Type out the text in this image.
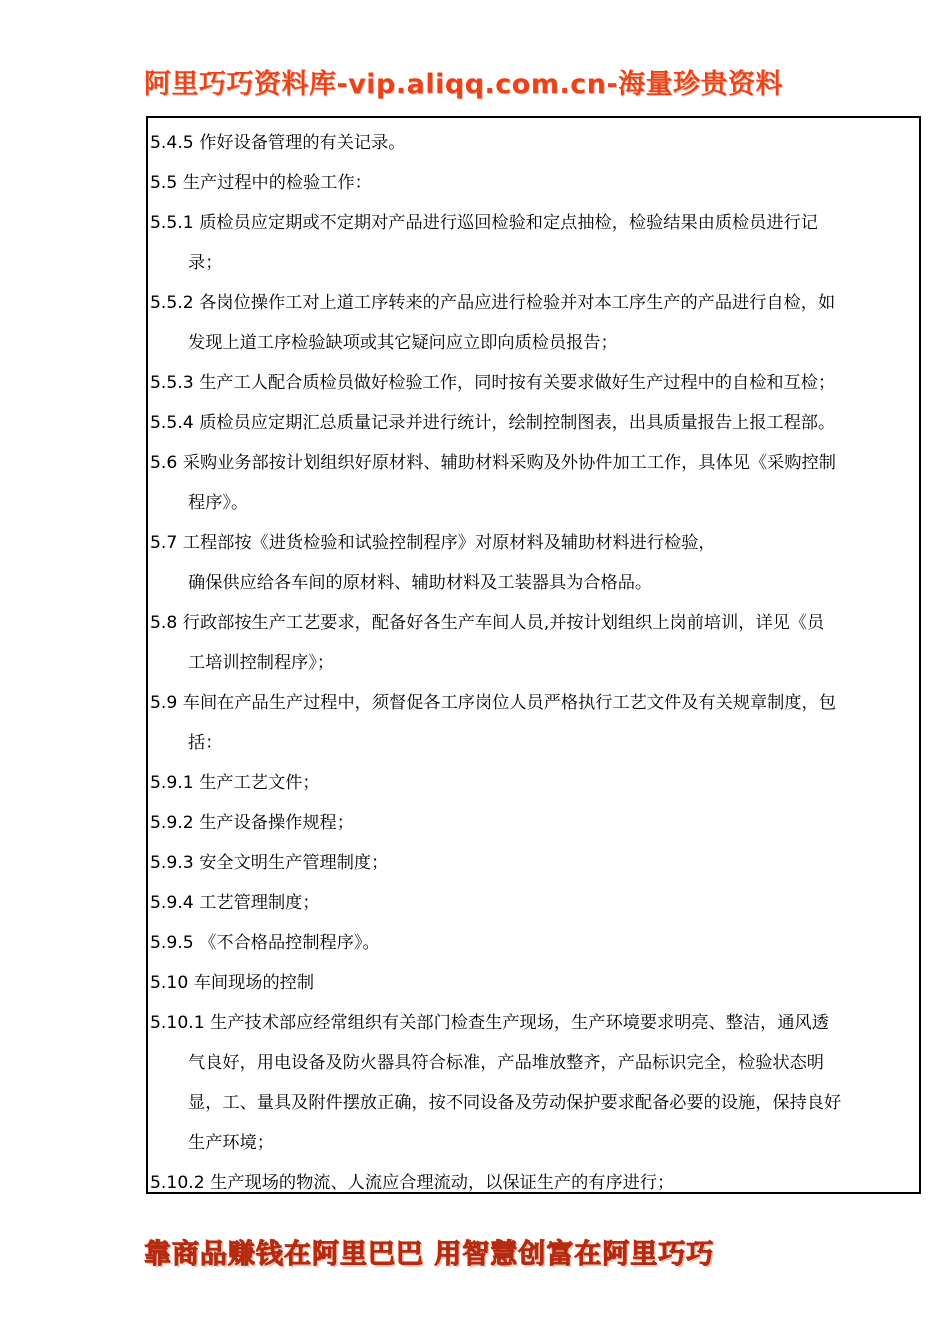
阿里巧巧资料库-vip.aliqq.com.cn-海量珍贵资料
5.4.5 作好设备管理的有关记录。
5.5 生产过程中的检验工作：
5.5.1 质检员应定期或不定期对产品进行巡回检验和定点抽检，检验结果由质检员进行记
录；
5.5.2 各岗位操作工对上道工序转来的产品应进行检验并对本工序生产的产品进行自检，如
发现上道工序检验缺项或其它疑问应立即向质检员报告；
5.5.3 生产工人配合质检员做好检验工作，同时按有关要求做好生产过程中的自检和互检；
5.5.4 质检员应定期汇总质量记录并进行统计，绘制控制图表，出具质量报告上报工程部。
5.6 采购业务部按计划组织好原材料、辅助材料采购及外协件加工工作，具体见《采购控制
程序》。
5.7 工程部按《进货检验和试验控制程序》对原材料及辅助材料进行检验，
确保供应给各车间的原材料、辅助材料及工装器具为合格品。
5.8 行政部按生产工艺要求，配备好各生产车间人员,并按计划组织上岗前培训，详见《员
工培训控制程序》；
5.9 车间在产品生产过程中，须督促各工序岗位人员严格执行工艺文件及有关规章制度，包
括：
5.9.1 生产工艺文件；
5.9.2 生产设备操作规程；
5.9.3 安全文明生产管理制度；
5.9.4 工艺管理制度；
5.9.5 《不合格品控制程序》。
5.10 车间现场的控制
5.10.1 生产技术部应经常组织有关部门检查生产现场，生产环境要求明亮、整洁，通风透
气良好，用电设备及防火器具符合标准，产品堆放整齐，产品标识完全，检验状态明
显，工、量具及附件摆放正确，按不同设备及劳动保护要求配备必要的设施，保持良好
生产环境；
5.10.2 生产现场的物流、人流应合理流动，以保证生产的有序进行；
靠商品赚钱在阿里巴巴 用智慧创富在阿里巧巧
